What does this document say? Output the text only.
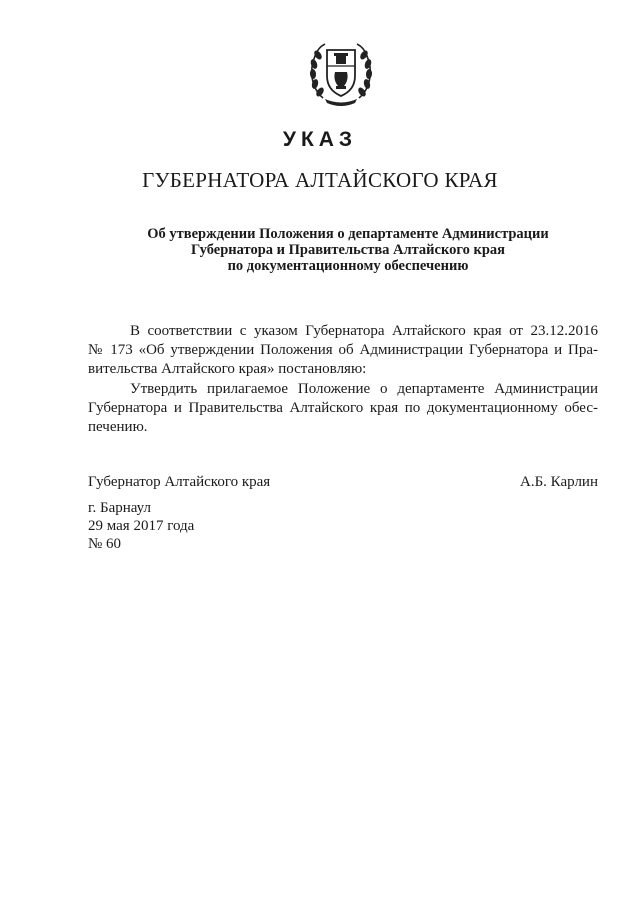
УКАЗ
ГУБЕРНАТОРА АЛТАЙСКОГО КРАЯ
Об утверждении Положения о департаменте Администрации
Губернатора и Правительства Алтайского края
по документационному обеспечению
В соответствии с указом Губернатора Алтайского края от 23.12.2016
№ 173 «Об утверждении Положения об Администрации Губернатора и Пра-
вительства Алтайского края» постановляю:
Утвердить прилагаемое Положение о департаменте Администрации
Губернатора и Правительства Алтайского края по документационному обес-
печению.
Губернатор Алтайского края	А.Б. Карлин
г. Барнаул
29 мая 2017 года
№ 60
